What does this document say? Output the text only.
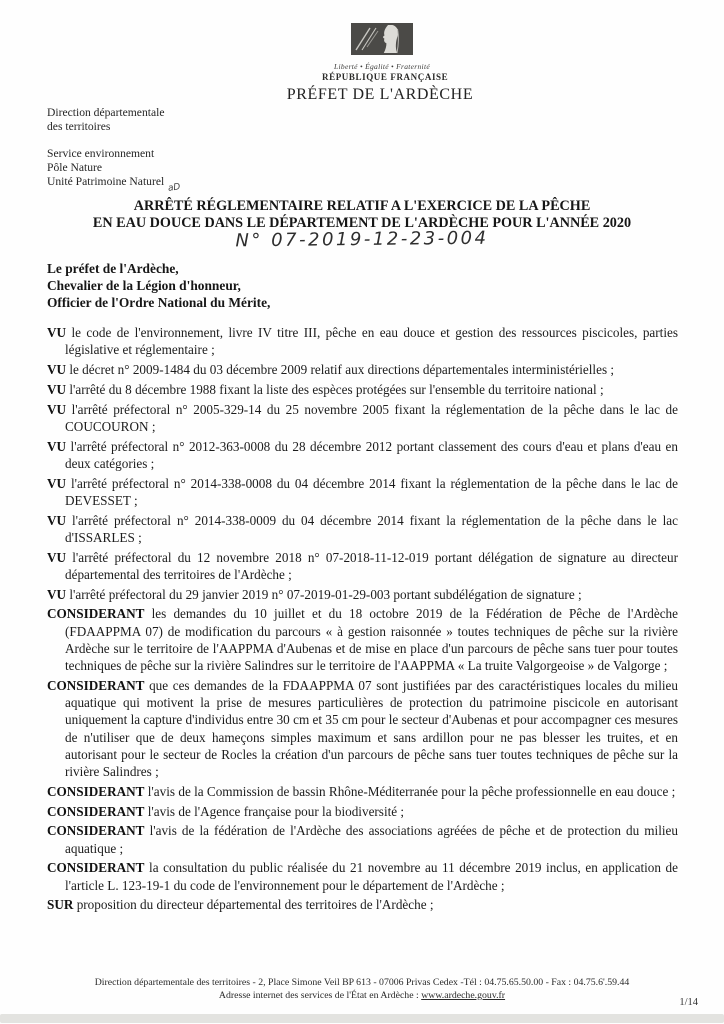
Liberté • Égalité • Fraternité
RÉPUBLIQUE FRANÇAISE
PRÉFET DE L'ARDÈCHE
Direction départementale
des territoires
Service environnement
Pôle Nature
Unité Patrimoine Naturel aD
ARRÊTÉ RÉGLEMENTAIRE RELATIF A L'EXERCICE DE LA PÊCHE
EN EAU DOUCE DANS LE DÉPARTEMENT DE L'ARDÈCHE POUR L'ANNÉE 2020
N° 07-2019-12-23-004
Le préfet de l'Ardèche,
Chevalier de la Légion d'honneur,
Officier de l'Ordre National du Mérite,

VU le code de l'environnement, livre IV titre III, pêche en eau douce et gestion des ressources piscicoles, parties législative et réglementaire ;

VU le décret n° 2009-1484 du 03 décembre 2009 relatif aux directions départementales interministérielles ;

VU l'arrêté du 8 décembre 1988 fixant la liste des espèces protégées sur l'ensemble du territoire national ;

VU l'arrêté préfectoral n° 2005-329-14 du 25 novembre 2005 fixant la réglementation de la pêche dans le lac de COUCOURON ;

VU l'arrêté préfectoral n° 2012-363-0008 du 28 décembre 2012 portant classement des cours d'eau et plans d'eau en deux catégories ;

VU l'arrêté préfectoral n° 2014-338-0008 du 04 décembre 2014 fixant la réglementation de la pêche dans le lac de DEVESSET ;

VU l'arrêté préfectoral n° 2014-338-0009 du 04 décembre 2014 fixant la réglementation de la pêche dans le lac d'ISSARLES ;

VU l'arrêté préfectoral du 12 novembre 2018 n° 07-2018-11-12-019 portant délégation de signature au directeur départemental des territoires de l'Ardèche ;

VU l'arrêté préfectoral du 29 janvier 2019 n° 07-2019-01-29-003 portant subdélégation de signature ;

CONSIDERANT les demandes du 10 juillet et du 18 octobre 2019 de la Fédération de Pêche de l'Ardèche (FDAAPPMA 07) de modification du parcours « à gestion raisonnée » toutes techniques de pêche sur la rivière Ardèche sur le territoire de l'AAPPMA d'Aubenas et de mise en place d'un parcours de pêche sans tuer pour toutes techniques de pêche sur la rivière Salindres sur le territoire de l'AAPPMA « La truite Valgorgeoise » de Valgorge ;

CONSIDERANT que ces demandes de la FDAAPPMA 07 sont justifiées par des caractéristiques locales du milieu aquatique qui motivent la prise de mesures particulières de protection du patrimoine piscicole en autorisant uniquement la capture d'individus entre 30 cm et 35 cm pour le secteur d'Aubenas et pour accompagner ces mesures de n'utiliser que de deux hameçons simples maximum et sans ardillon pour ne pas blesser les truites, et en autorisant pour le secteur de Rocles la création d'un parcours de pêche sans tuer toutes techniques de pêche sur la rivière Salindres ;

CONSIDERANT l'avis de la Commission de bassin Rhône-Méditerranée pour la pêche professionnelle en eau douce ;

CONSIDERANT l'avis de l'Agence française pour la biodiversité ;

CONSIDERANT l'avis de la fédération de l'Ardèche des associations agréées de pêche et de protection du milieu aquatique ;

CONSIDERANT la consultation du public réalisée du 21 novembre au 11 décembre 2019 inclus, en application de l'article L. 123-19-1 du code de l'environnement pour le département de l'Ardèche ;

SUR proposition du directeur départemental des territoires de l'Ardèche ;

Direction départementale des territoires - 2, Place Simone Veil BP 613 - 07006 Privas Cedex -Tél : 04.75.65.50.00 - Fax : 04.75.6'.59.44
Adresse internet des services de l'État en Ardèche : www.ardeche.gouv.fr
1/14
